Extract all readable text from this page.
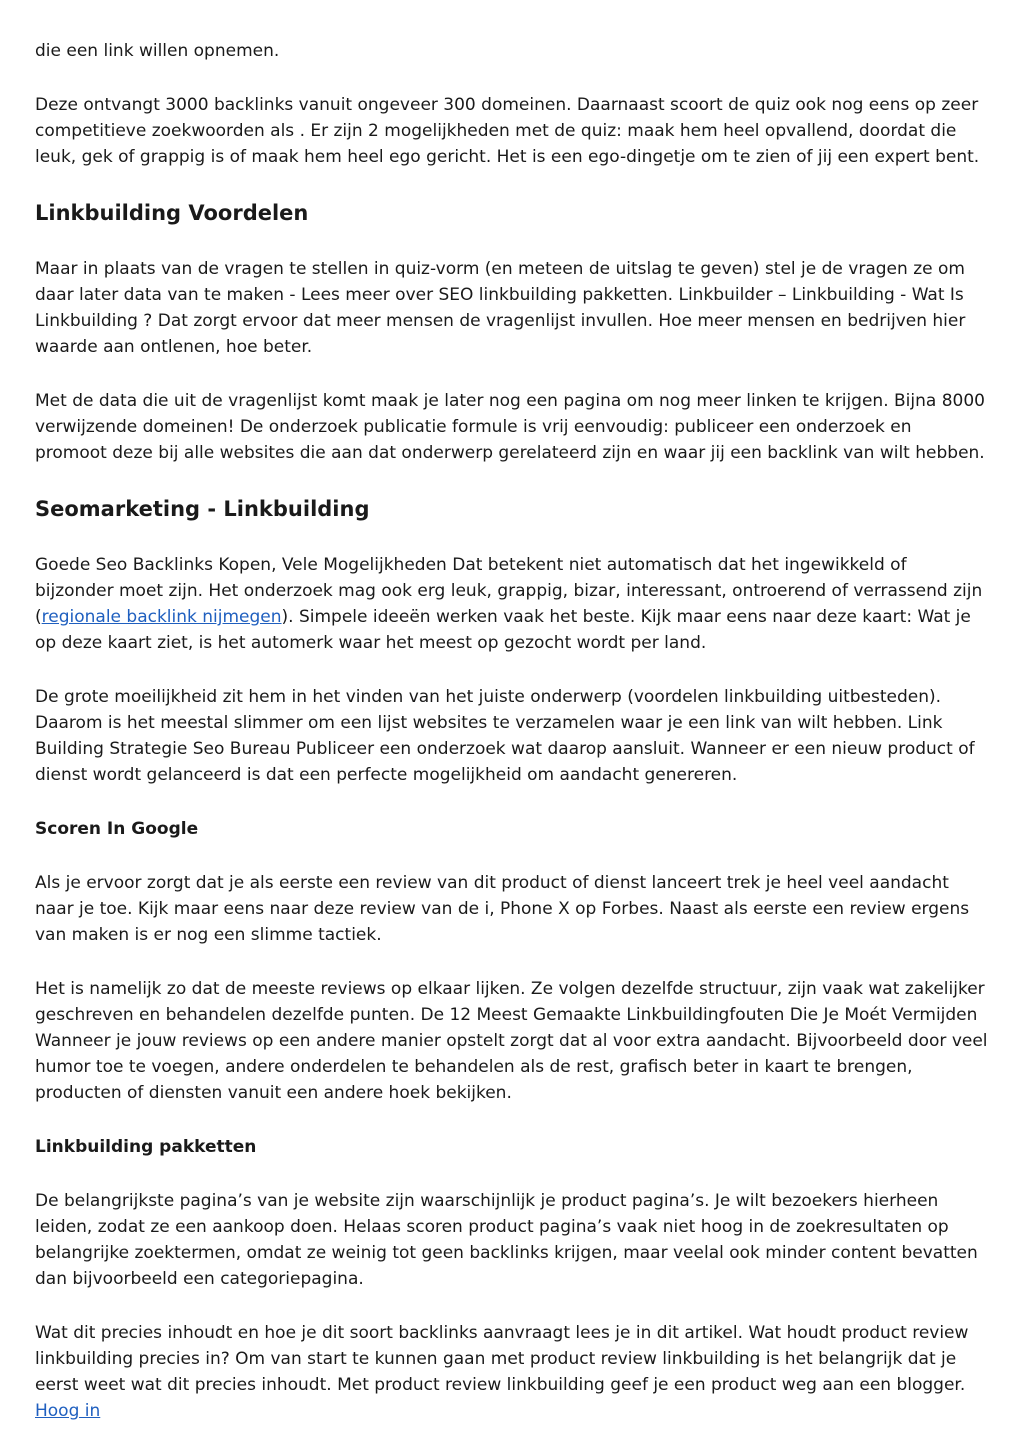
die een link willen opnemen.

Deze ontvangt 3000 backlinks vanuit ongeveer 300 domeinen. Daarnaast scoort de quiz ook nog eens op zeer competitieve zoekwoorden als . Er zijn 2 mogelijkheden met de quiz: maak hem heel opvallend, doordat die leuk, gek of grappig is of maak hem heel ego gericht. Het is een ego-dingetje om te zien of jij een expert bent.

Linkbuilding Voordelen

Maar in plaats van de vragen te stellen in quiz-vorm (en meteen de uitslag te geven) stel je de vragen ze om daar later data van te maken - Lees meer over SEO linkbuilding pakketten. Linkbuilder – Linkbuilding - Wat Is Linkbuilding ? Dat zorgt ervoor dat meer mensen de vragenlijst invullen. Hoe meer mensen en bedrijven hier waarde aan ontlenen, hoe beter.

Met de data die uit de vragenlijst komt maak je later nog een pagina om nog meer linken te krijgen. Bijna 8000 verwijzende domeinen! De onderzoek publicatie formule is vrij eenvoudig: publiceer een onderzoek en promoot deze bij alle websites die aan dat onderwerp gerelateerd zijn en waar jij een backlink van wilt hebben.

Seomarketing - Linkbuilding

Goede Seo Backlinks Kopen, Vele Mogelijkheden Dat betekent niet automatisch dat het ingewikkeld of bijzonder moet zijn. Het onderzoek mag ook erg leuk, grappig, bizar, interessant, ontroerend of verrassend zijn (regionale backlink nijmegen). Simpele ideeën werken vaak het beste. Kijk maar eens naar deze kaart: Wat je op deze kaart ziet, is het automerk waar het meest op gezocht wordt per land.

De grote moeilijkheid zit hem in het vinden van het juiste onderwerp (voordelen linkbuilding uitbesteden). Daarom is het meestal slimmer om een lijst websites te verzamelen waar je een link van wilt hebben. Link Building Strategie Seo Bureau Publiceer een onderzoek wat daarop aansluit. Wanneer er een nieuw product of dienst wordt gelanceerd is dat een perfecte mogelijkheid om aandacht genereren.

Scoren In Google

Als je ervoor zorgt dat je als eerste een review van dit product of dienst lanceert trek je heel veel aandacht naar je toe. Kijk maar eens naar deze review van de i, Phone X op Forbes. Naast als eerste een review ergens van maken is er nog een slimme tactiek.

Het is namelijk zo dat de meeste reviews op elkaar lijken. Ze volgen dezelfde structuur, zijn vaak wat zakelijker geschreven en behandelen dezelfde punten. De 12 Meest Gemaakte Linkbuildingfouten Die Je Moét Vermijden Wanneer je jouw reviews op een andere manier opstelt zorgt dat al voor extra aandacht. Bijvoorbeeld door veel humor toe te voegen, andere onderdelen te behandelen als de rest, grafisch beter in kaart te brengen, producten of diensten vanuit een andere hoek bekijken.

Linkbuilding pakketten

De belangrijkste pagina’s van je website zijn waarschijnlijk je product pagina’s. Je wilt bezoekers hierheen leiden, zodat ze een aankoop doen. Helaas scoren product pagina’s vaak niet hoog in de zoekresultaten op belangrijke zoektermen, omdat ze weinig tot geen backlinks krijgen, maar veelal ook minder content bevatten dan bijvoorbeeld een categoriepagina.

Wat dit precies inhoudt en hoe je dit soort backlinks aanvraagt lees je in dit artikel. Wat houdt product review linkbuilding precies in? Om van start te kunnen gaan met product review linkbuilding is het belangrijk dat je eerst weet wat dit precies inhoudt. Met product review linkbuilding geef je een product weg aan een blogger. Hoog in
